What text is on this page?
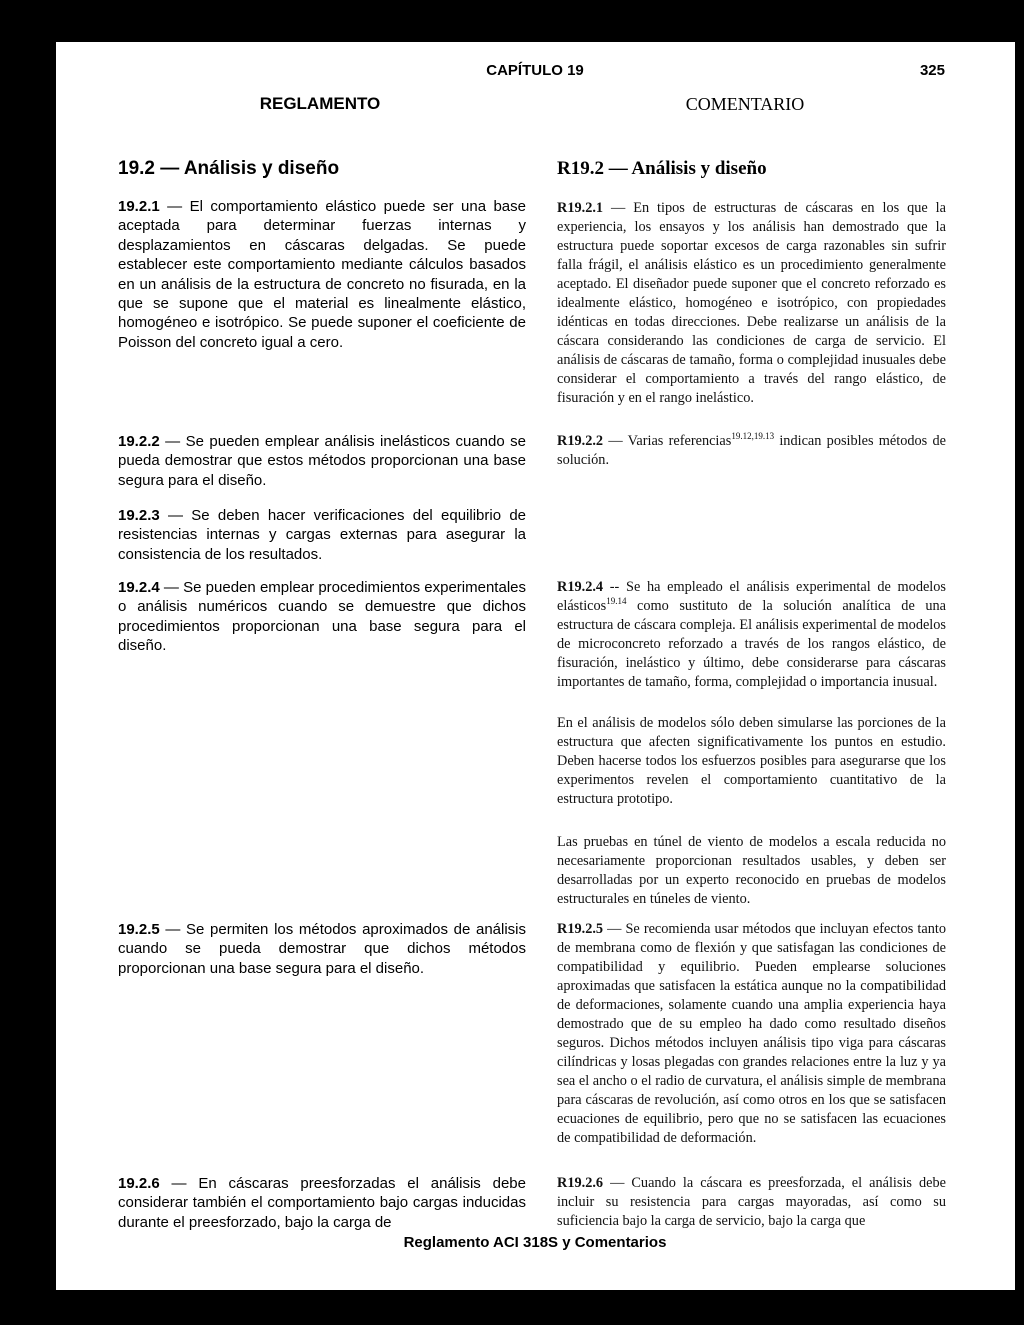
CAPÍTULO 19	325
REGLAMENTO	COMENTARIO
19.2 — Análisis y diseño
19.2.1 — El comportamiento elástico puede ser una base aceptada para determinar fuerzas internas y desplazamientos en cáscaras delgadas. Se puede establecer este comportamiento mediante cálculos basados en un análisis de la estructura de concreto no fisurada, en la que se supone que el material es linealmente elástico, homogéneo e isotrópico. Se puede suponer el coeficiente de Poisson del concreto igual a cero.
19.2.2 — Se pueden emplear análisis inelásticos cuando se pueda demostrar que estos métodos proporcionan una base segura para el diseño.
19.2.3 — Se deben hacer verificaciones del equilibrio de resistencias internas y cargas externas para asegurar la consistencia de los resultados.
19.2.4 — Se pueden emplear procedimientos experimentales o análisis numéricos cuando se demuestre que dichos procedimientos proporcionan una base segura para el diseño.
19.2.5 — Se permiten los métodos aproximados de análisis cuando se pueda demostrar que dichos métodos proporcionan una base segura para el diseño.
19.2.6 — En cáscaras preesforzadas el análisis debe considerar también el comportamiento bajo cargas inducidas durante el preesforzado, bajo la carga de
R19.2 — Análisis y diseño
R19.2.1 — En tipos de estructuras de cáscaras en los que la experiencia, los ensayos y los análisis han demostrado que la estructura puede soportar excesos de carga razonables sin sufrir falla frágil, el análisis elástico es un procedimiento generalmente aceptado. El diseñador puede suponer que el concreto reforzado es idealmente elástico, homogéneo e isotrópico, con propiedades idénticas en todas direcciones. Debe realizarse un análisis de la cáscara considerando las condiciones de carga de servicio. El análisis de cáscaras de tamaño, forma o complejidad inusuales debe considerar el comportamiento a través del rango elástico, de fisuración y en el rango inelástico.
R19.2.2 — Varias referencias$^{19.12,19.13}$ indican posibles métodos de solución.
R19.2.4 -- Se ha empleado el análisis experimental de modelos elásticos$^{19.14}$ como sustituto de la solución analítica de una estructura de cáscara compleja. El análisis experimental de modelos de microconcreto reforzado a través de los rangos elástico, de fisuración, inelástico y último, debe considerarse para cáscaras importantes de tamaño, forma, complejidad o importancia inusual.
En el análisis de modelos sólo deben simularse las porciones de la estructura que afecten significativamente los puntos en estudio. Deben hacerse todos los esfuerzos posibles para asegurarse que los experimentos revelen el comportamiento cuantitativo de la estructura prototipo.
Las pruebas en túnel de viento de modelos a escala reducida no necesariamente proporcionan resultados usables, y deben ser desarrolladas por un experto reconocido en pruebas de modelos estructurales en túneles de viento.
R19.2.5 — Se recomienda usar métodos que incluyan efectos tanto de membrana como de flexión y que satisfagan las condiciones de compatibilidad y equilibrio. Pueden emplearse soluciones aproximadas que satisfacen la estática aunque no la compatibilidad de deformaciones, solamente cuando una amplia experiencia haya demostrado que de su empleo ha dado como resultado diseños seguros. Dichos métodos incluyen análisis tipo viga para cáscaras cilíndricas y losas plegadas con grandes relaciones entre la luz y ya sea el ancho o el radio de curvatura, el análisis simple de membrana para cáscaras de revolución, así como otros en los que se satisfacen ecuaciones de equilibrio, pero que no se satisfacen las ecuaciones de compatibilidad de deformación.
R19.2.6 — Cuando la cáscara es preesforzada, el análisis debe incluir su resistencia para cargas mayoradas, así como su suficiencia bajo la carga de servicio, bajo la carga que
Reglamento ACI 318S y Comentarios
